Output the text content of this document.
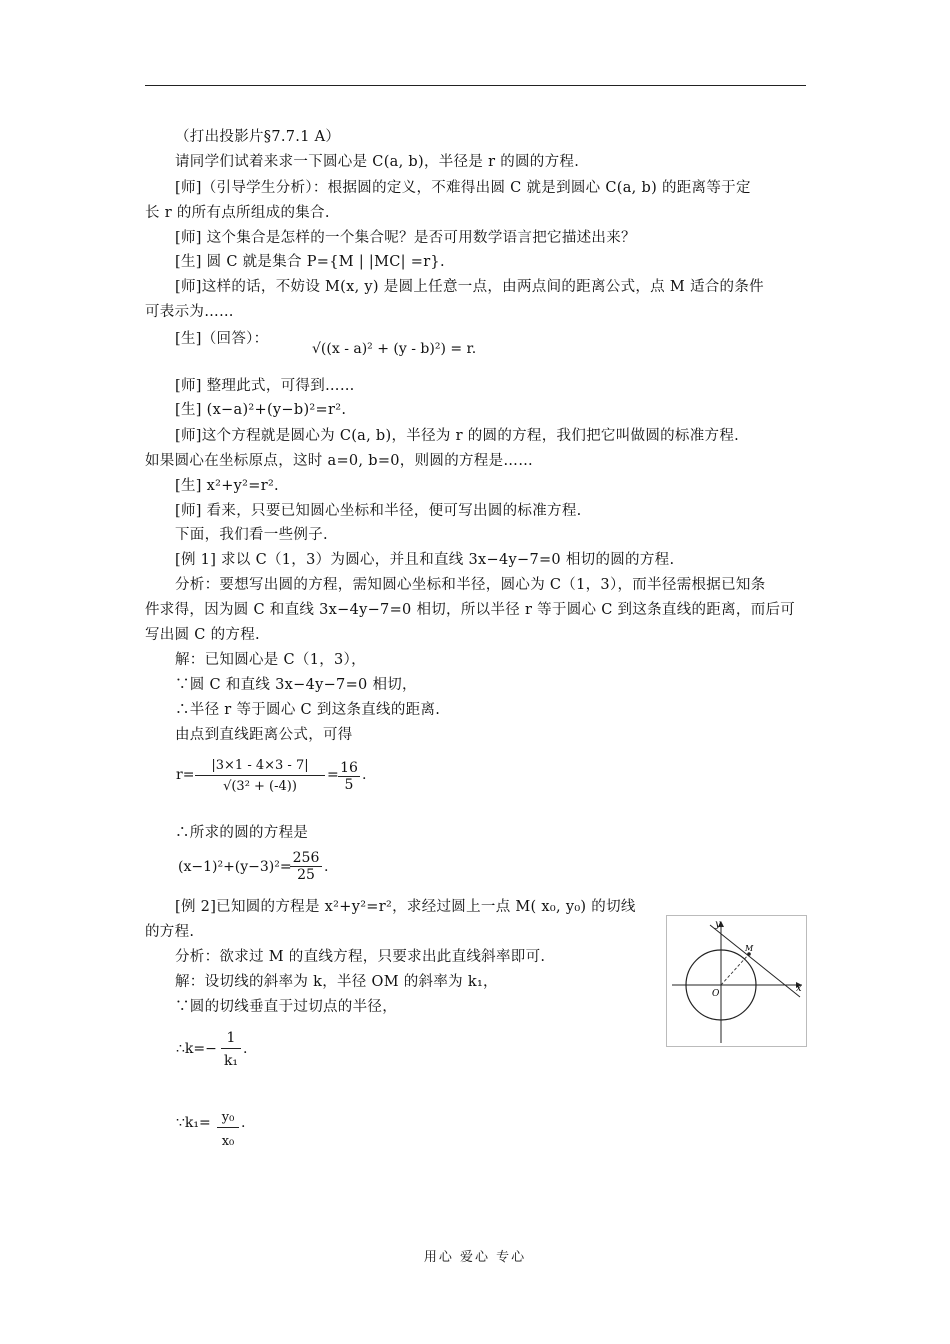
（打出投影片§7.7.1 A）
请同学们试着来求一下圆心是 C(a, b)，半径是 r 的圆的方程.
[师]（引导学生分析）：根据圆的定义，不难得出圆 C 就是到圆心 C(a, b) 的距离等于定
长 r 的所有点所组成的集合.
[师] 这个集合是怎样的一个集合呢？是否可用数学语言把它描述出来？
[生] 圆 C 就是集合 P={M | |MC| =r}.
[师]这样的话，不妨设 M(x, y) 是圆上任意一点，由两点间的距离公式，点 M 适合的条件
可表示为……
[生]（回答）：
√((x - a)² + (y - b)²) = r.
[师] 整理此式，可得到……
[生] (x−a)²+(y−b)²=r².
[师]这个方程就是圆心为 C(a, b)，半径为 r 的圆的方程，我们把它叫做圆的标准方程.
如果圆心在坐标原点，这时 a=0, b=0，则圆的方程是……
[生] x²+y²=r².
[师] 看来，只要已知圆心坐标和半径，便可写出圆的标准方程.
下面，我们看一些例子.
[例 1] 求以 C（1，3）为圆心，并且和直线 3x−4y−7=0 相切的圆的方程.
分析：要想写出圆的方程，需知圆心坐标和半径，圆心为 C（1，3），而半径需根据已知条
件求得，因为圆 C 和直线 3x−4y−7=0 相切，所以半径 r 等于圆心 C 到这条直线的距离，而后可
写出圆 C 的方程.
解：已知圆心是 C（1，3），
∵圆 C 和直线 3x−4y−7=0 相切，
∴半径 r 等于圆心 C 到这条直线的距离.
由点到直线距离公式，可得
$r= \frac{|3\times 1 - 4\times 3 - 7|}{\text{√(3² + (-4))}} = \frac{16}{5}$ .
∴所求的圆的方程是
(x−1)²+(y−3)²=
$\frac{256}{25}$ .
[例 2]已知圆的方程是 x²+y²=r²，求经过圆上一点 M( x₀, y₀) 的切线
的方程.
分析：欲求过 M 的直线方程，只要求出此直线斜率即可.
解：设切线的斜率为 k，半径 OM 的斜率为 k₁，
∵圆的切线垂直于过切点的半径，
∴k=− $\frac{1}{\text{k₁}}$ .
∵k₁= $\frac{\text{y₀}}{\text{x₀}}$ .
x
y
O
M
用心 爱心 专心
